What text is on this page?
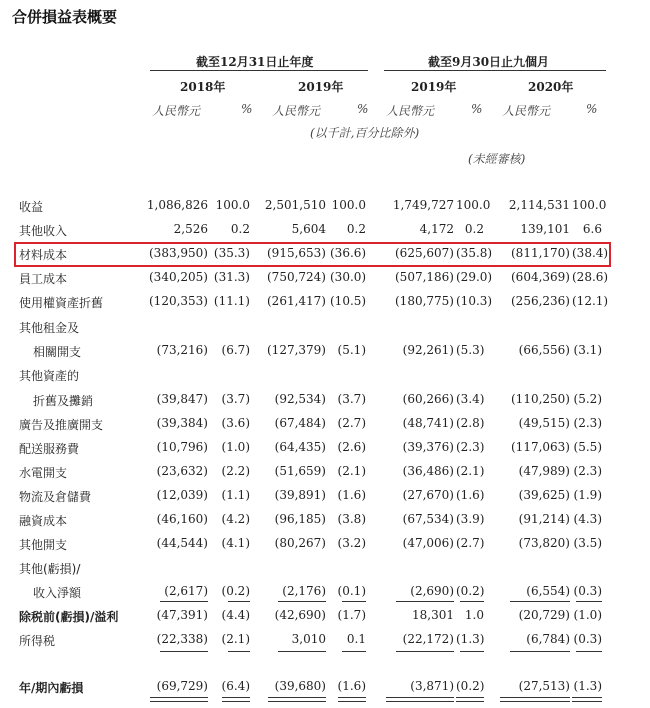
合併損益表概要
截至12月31日止年度	截至9月30日止九個月
2018年	2019年	2019年	2020年
人民幣元	% 人民幣元	% 人民幣元	% 人民幣元	%
(以千計,百分比除外)
(未經審核)
收益	1,086,826 100.0	2,501,510 100.0	1,749,727 100.0	2,114,531 100.0
其他收入	2,526	0.2	5,604	0.2	4,172 0.2	139,101	6.6
材料成本	(383,950) (35.3)	(915,653) (36.6)	(625,607) (35.8)	(811,170) (38.4)
員工成本	(340,205) (31.3)	(750,724) (30.0)	(507,186) (29.0)	(604,369) (28.6)
使用權資產折舊	(120,353) (11.1)	(261,417) (10.5)	(180,775) (10.3)	(256,236) (12.1)
其他租金及
相關開支	(73,216)	(6.7)	(127,379) (5.1)	(92,261) (5.3)	(66,556) (3.1)
其他資產的
折舊及攤銷	(39,847)	(3.7)	(92,534) (3.7)	(60,266) (3.4)	(110,250) (5.2)
廣告及推廣開支	(39,384)	(3.6)	(67,484) (2.7)	(48,741) (2.8)	(49,515) (2.3)
配送服務費	(10,796)	(1.0)	(64,435) (2.6)	(39,376) (2.3)	(117,063) (5.5)
水電開支	(23,632)	(2.2)	(51,659) (2.1)	(36,486) (2.1)	(47,989) (2.3)
物流及倉儲費	(12,039)	(1.1)	(39,891) (1.6)	(27,670) (1.6)	(39,625) (1.9)
融資成本	(46,160)	(4.2)	(96,185) (3.8)	(67,534) (3.9)	(91,214) (4.3)
其他開支	(44,544)	(4.1)	(80,267) (3.2)	(47,006) (2.7)	(73,820) (3.5)
其他(虧損)/
收入淨額	(2,617)	(0.2)	(2,176) (0.1)	(2,690) (0.2)	(6,554) (0.3)
除税前(虧損)/溢利	(47,391)	(4.4)	(42,690) (1.7)	18,301 1.0	(20,729) (1.0)
所得税	(22,338)	(2.1)	3,010	0.1	(22,172) (1.3)	(6,784) (0.3)
年/期內虧損	(69,729)	(6.4)	(39,680) (1.6)	(3,871) (0.2)	(27,513) (1.3)
